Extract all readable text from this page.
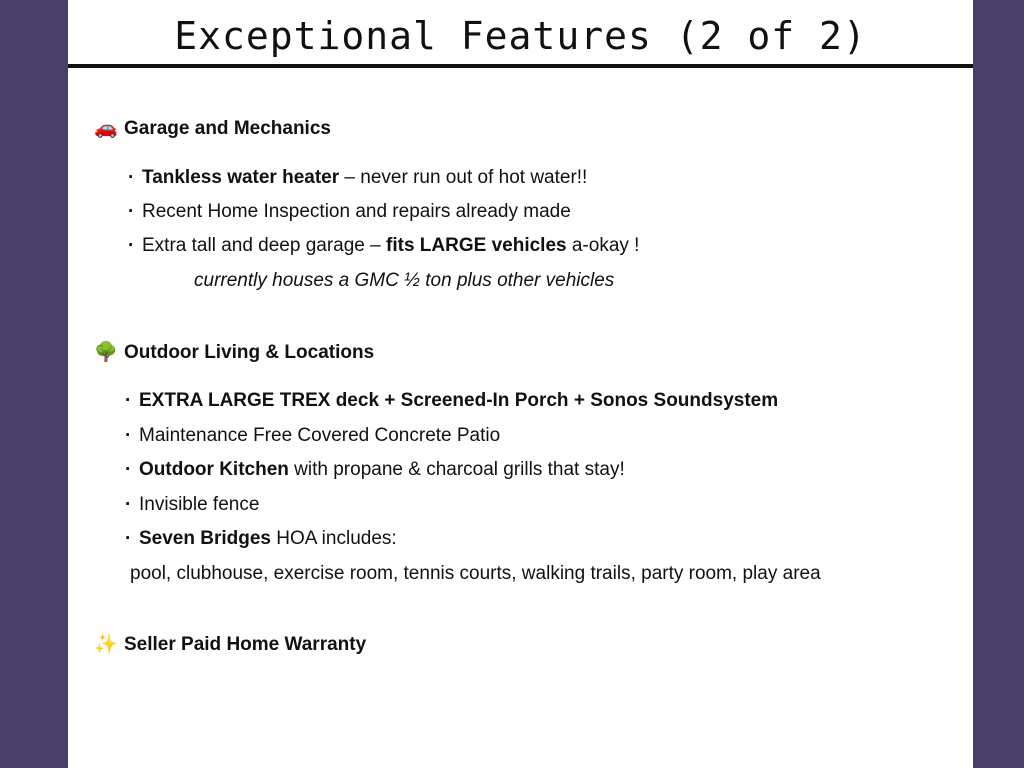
Exceptional Features (2 of 2)
🚗 Garage and Mechanics
· Tankless water heater – never run out of hot water!!
· Recent Home Inspection and repairs already made
· Extra tall and deep garage – fits LARGE vehicles a-okay !
currently houses a GMC ½ ton plus other vehicles
🌳 Outdoor Living & Locations
· EXTRA LARGE TREX deck + Screened-In Porch + Sonos Soundsystem
· Maintenance Free Covered Concrete Patio
· Outdoor Kitchen with propane & charcoal grills that stay!
· Invisible fence
· Seven Bridges HOA includes:
pool, clubhouse, exercise room, tennis courts, walking trails, party room, play area
✨ Seller Paid Home Warranty
